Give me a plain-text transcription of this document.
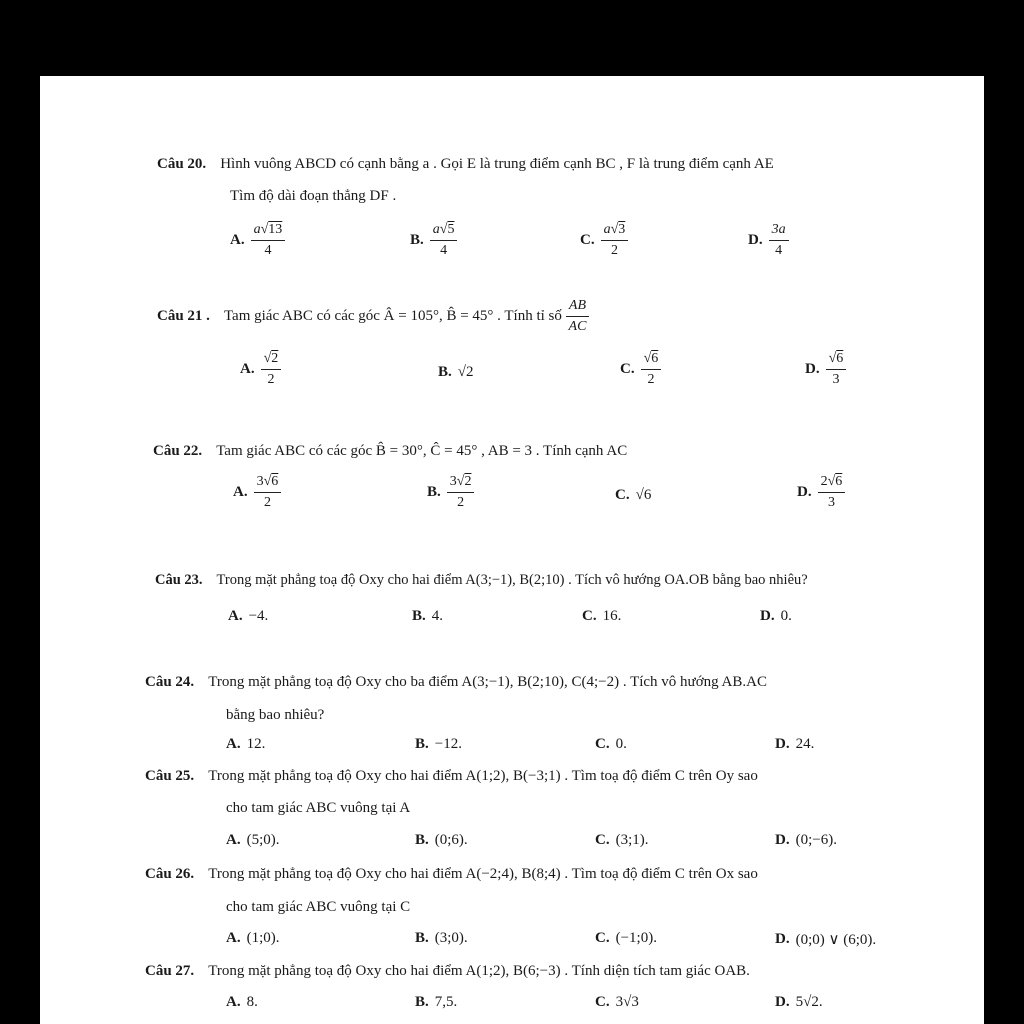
Câu 20. Hình vuông ABCD có cạnh bằng a . Gọi E là trung điểm cạnh BC , F là trung điểm cạnh AE
Tìm độ dài đoạn thẳng DF .
A. $\frac{a√13}{4}$	B. $\frac{a√5}{4}$	C. $\frac{a√3}{2}$	D. $\frac{3a}{4}$
Câu 21 . Tam giác ABC có các góc Â = 105°, B̂ = 45° . Tính tỉ số $\frac{AB}{AC}$
A. $\frac{√2}{2}$	B. √2	C. $\frac{√6}{2}$	D. $\frac{√6}{3}$
Câu 22. Tam giác ABC có các góc B̂ = 30°, Ĉ = 45° , AB = 3 . Tính cạnh AC
A. $\frac{3√6}{2}$	B. $\frac{3√2}{2}$	C. √6	D. $\frac{2√6}{3}$
Câu 23. Trong mặt phẳng toạ độ Oxy cho hai điểm A(3;−1), B(2;10) . Tích vô hướng OA.OB bằng bao nhiêu?
A. −4.	B. 4.	C. 16.	D. 0.
Câu 24. Trong mặt phẳng toạ độ Oxy cho ba điểm A(3;−1), B(2;10), C(4;−2) . Tích vô hướng AB.AC
bằng bao nhiêu?
A. 12.	B. −12.	C. 0.	D. 24.
Câu 25. Trong mặt phẳng toạ độ Oxy cho hai điểm A(1;2), B(−3;1) . Tìm toạ độ điểm C trên Oy sao
cho tam giác ABC vuông tại A
A. (5;0).	B. (0;6).	C. (3;1).	D. (0;−6).
Câu 26. Trong mặt phẳng toạ độ Oxy cho hai điểm A(−2;4), B(8;4) . Tìm toạ độ điểm C trên Ox sao
cho tam giác ABC vuông tại C
A. (1;0).	B. (3;0).	C. (−1;0).	D. (0;0) ∨ (6;0).
Câu 27. Trong mặt phẳng toạ độ Oxy cho hai điểm A(1;2), B(6;−3) . Tính diện tích tam giác OAB.
A. 8.	B. 7,5.	C. 3√3	D. 5√2.
